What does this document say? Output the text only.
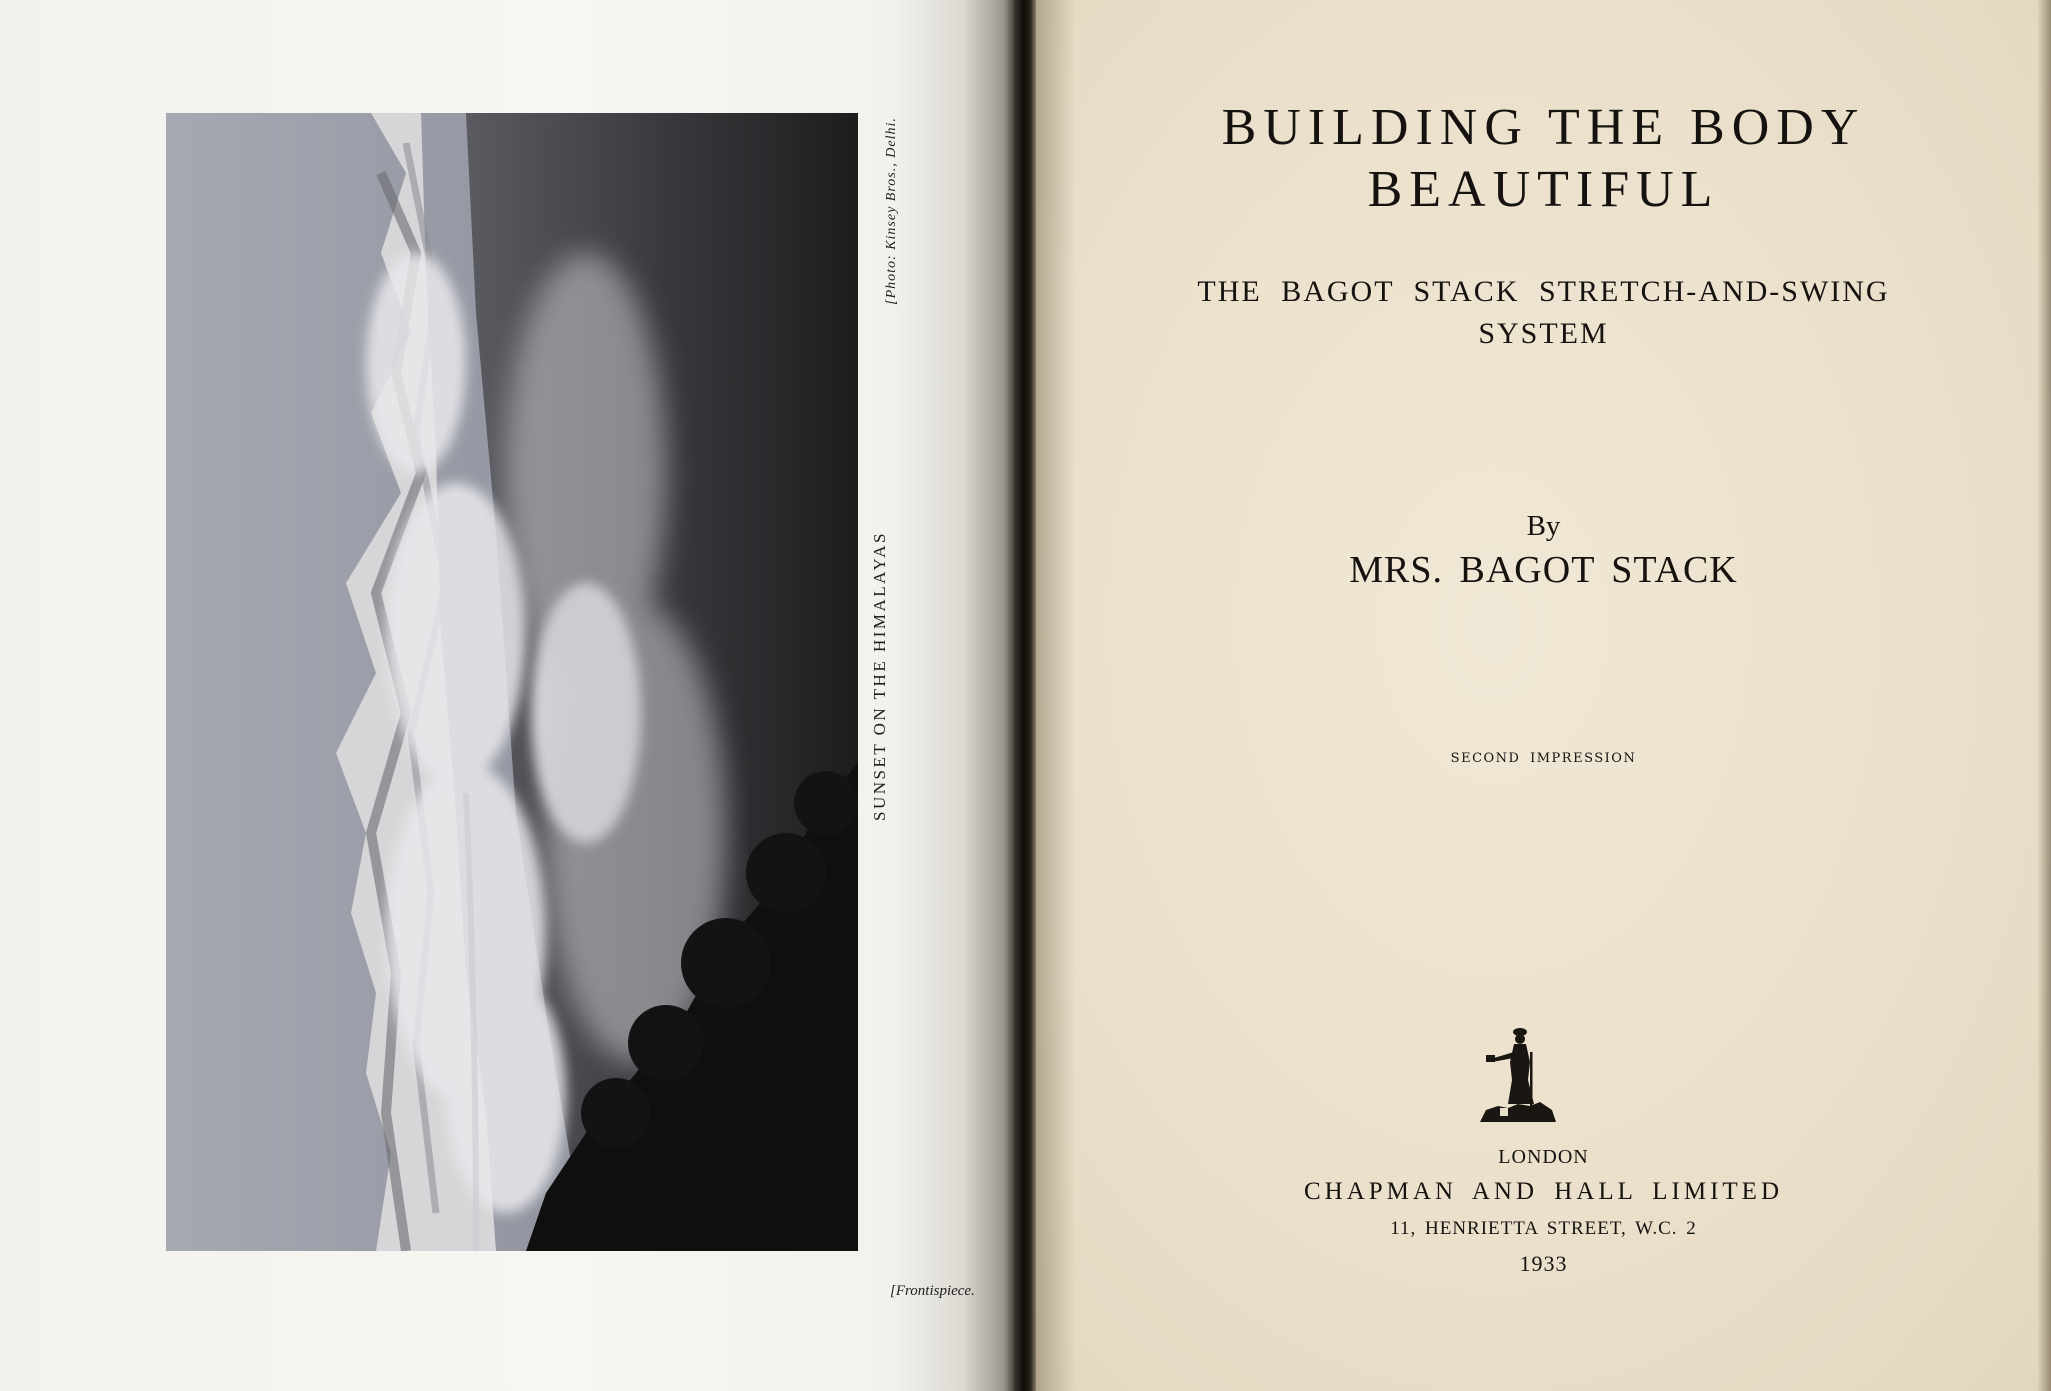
SUNSET ON THE HIMALAYAS
[Photo: Kinsey Bros., Delhi.
[Frontispiece.
BUILDING THE BODY
BEAUTIFUL
THE BAGOT STACK STRETCH-AND-SWING
SYSTEM
By
MRS. BAGOT STACK
SECOND IMPRESSION
LONDON
CHAPMAN AND HALL LIMITED
11, HENRIETTA STREET, W.C. 2
1933
